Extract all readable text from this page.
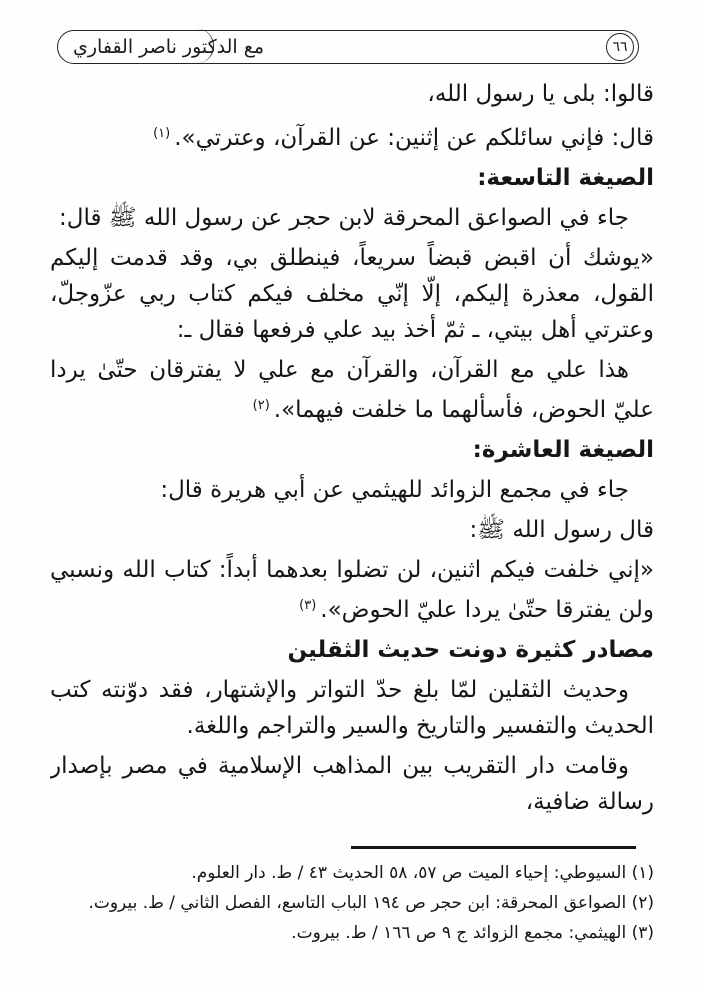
مع الدكتور ناصر القفاري	٦٦

قالوا: بلى يا رسول الله،

قال: فإني سائلكم عن إثنين: عن القرآن، وعترتي».$^{(١)}$

الصيغة التاسعة:

جاء في الصواعق المحرقة لابن حجر عن رسول الله ﷺ قال:

«يوشك أن اقبض قبضاً سريعاً، فينطلق بي، وقد قدمت إليكم القول، معذرة إليكم، إلّا إنّي مخلف فيكم كتاب ربي عزّوجلّ، وعترتي أهل بيتي، ـ ثمّ أخذ بيد علي فرفعها فقال ـ:

هذا علي مع القرآن، والقرآن مع علي لا يفترقان حتّىٰ يردا عليّ الحوض، فأسألهما ما خلفت فيهما».$^{(٢)}$

الصيغة العاشرة:

جاء في مجمع الزوائد للهيثمي عن أبي هريرة قال:

قال رسول الله ﷺ:

«إني خلفت فيكم اثنين، لن تضلوا بعدهما أبداً: كتاب الله ونسبي ولن يفترقا حتّىٰ يردا عليّ الحوض».$^{(٣)}$

مصادر كثيرة دونت حديث الثقلين

وحديث الثقلين لمّا بلغ حدّ التواتر والإشتهار، فقد دوّنته كتب الحديث والتفسير والتاريخ والسير والتراجم واللغة.

وقامت دار التقريب بين المذاهب الإسلامية في مصر بإصدار رسالة ضافية،

(١) السيوطي: إحياء الميت ص ٥٧، ٥٨ الحديث ٤٣ / ط. دار العلوم.

(٢) الصواعق المحرقة: ابن حجر ص ١٩٤ الباب التاسع، الفصل الثاني / ط. بيروت.

(٣) الهيثمي: مجمع الزوائد ج ٩ ص ١٦٦ / ط. بيروت.
